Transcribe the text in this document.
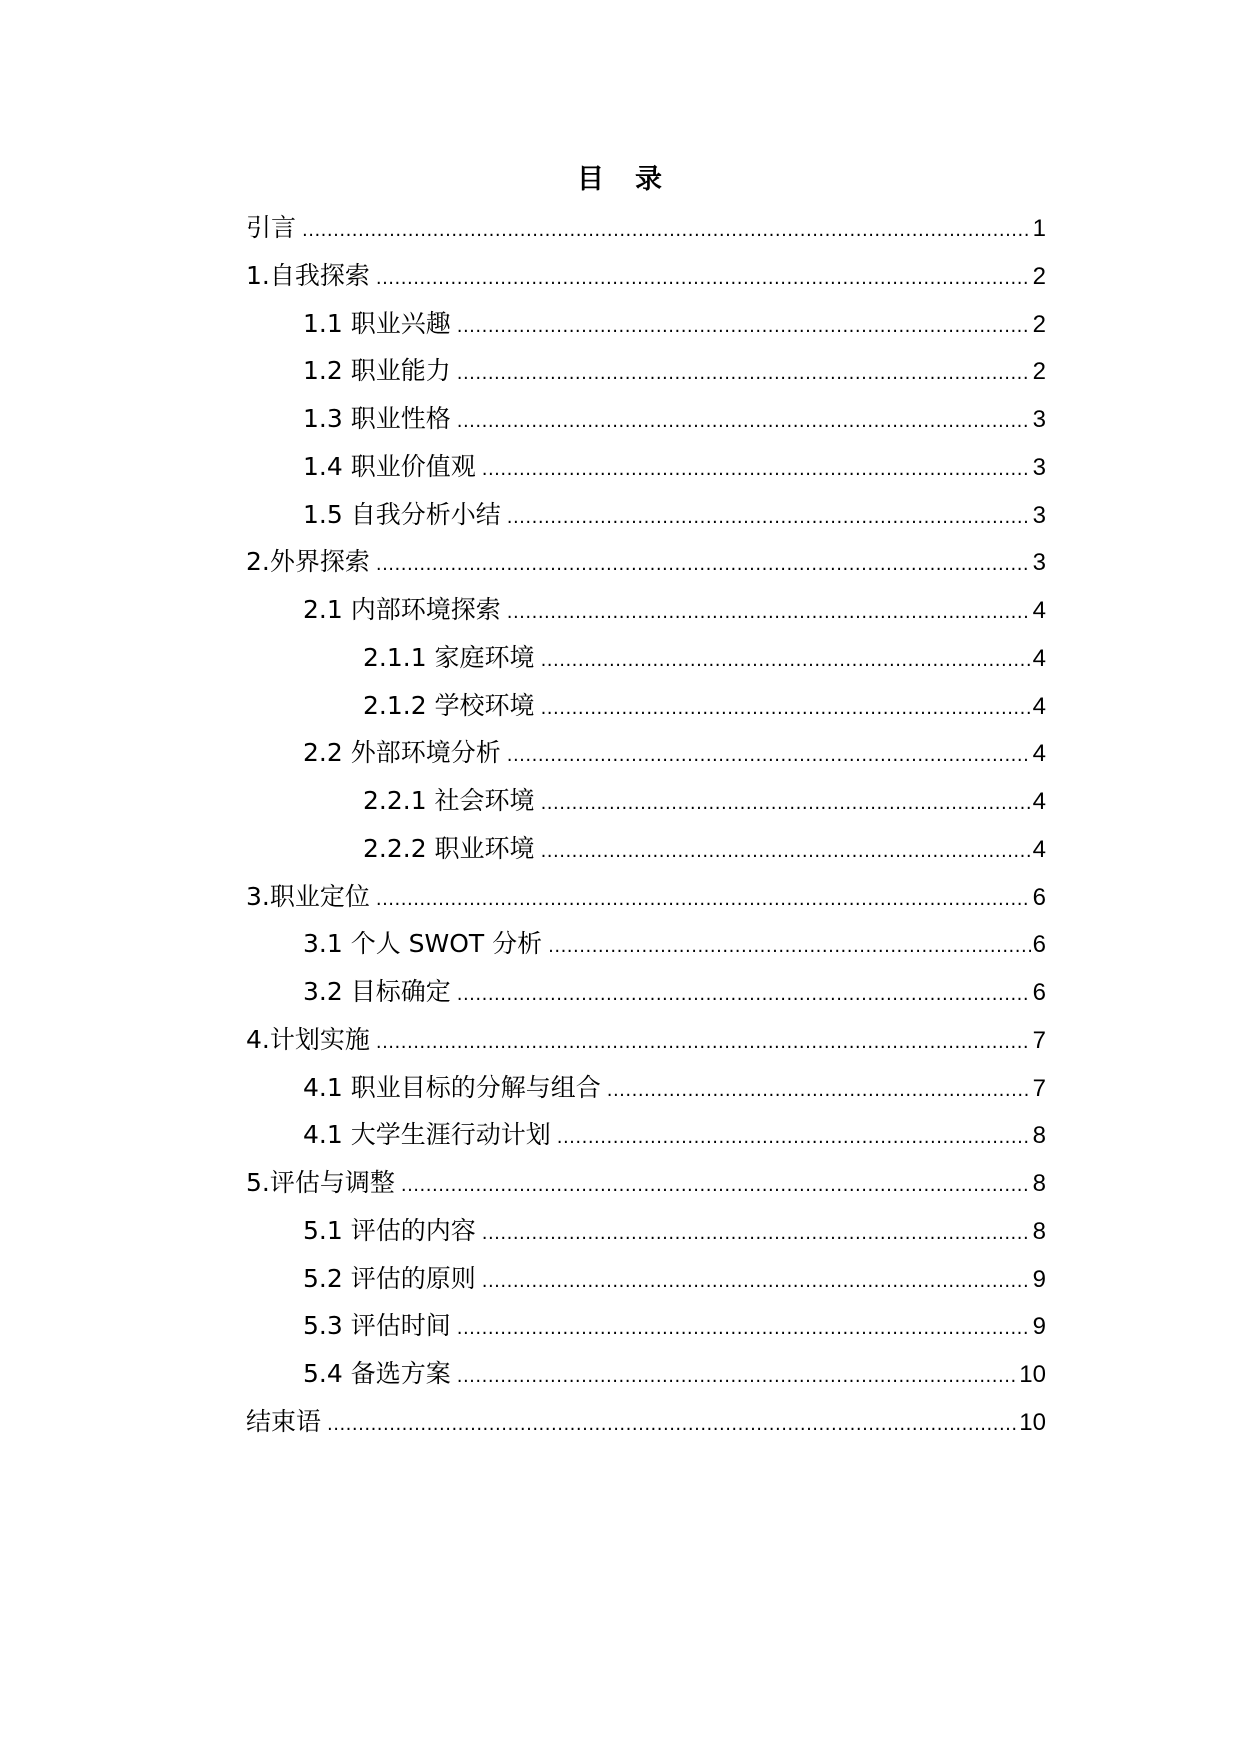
目　录
引言 .....	1
1.自我探索 .....	2
1.1 职业兴趣 .....	2
1.2 职业能力 .....	2
1.3 职业性格 .....	3
1.4 职业价值观 .....	3
1.5 自我分析小结 .....	3
2.外界探索 .....	3
2.1 内部环境探索 .....	4
2.1.1 家庭环境 .....	4
2.1.2 学校环境 .....	4
2.2 外部环境分析 .....	4
2.2.1 社会环境 .....	4
2.2.2 职业环境 .....	4
3.职业定位 .....	6
3.1 个人 SWOT 分析 .....	6
3.2 目标确定 .....	6
4.计划实施 .....	7
4.1 职业目标的分解与组合 .....	7
4.1 大学生涯行动计划 .....	8
5.评估与调整 .....	8
5.1 评估的内容 .....	8
5.2 评估的原则 .....	9
5.3 评估时间 .....	9
5.4 备选方案 .....	10
结束语 .....	10
